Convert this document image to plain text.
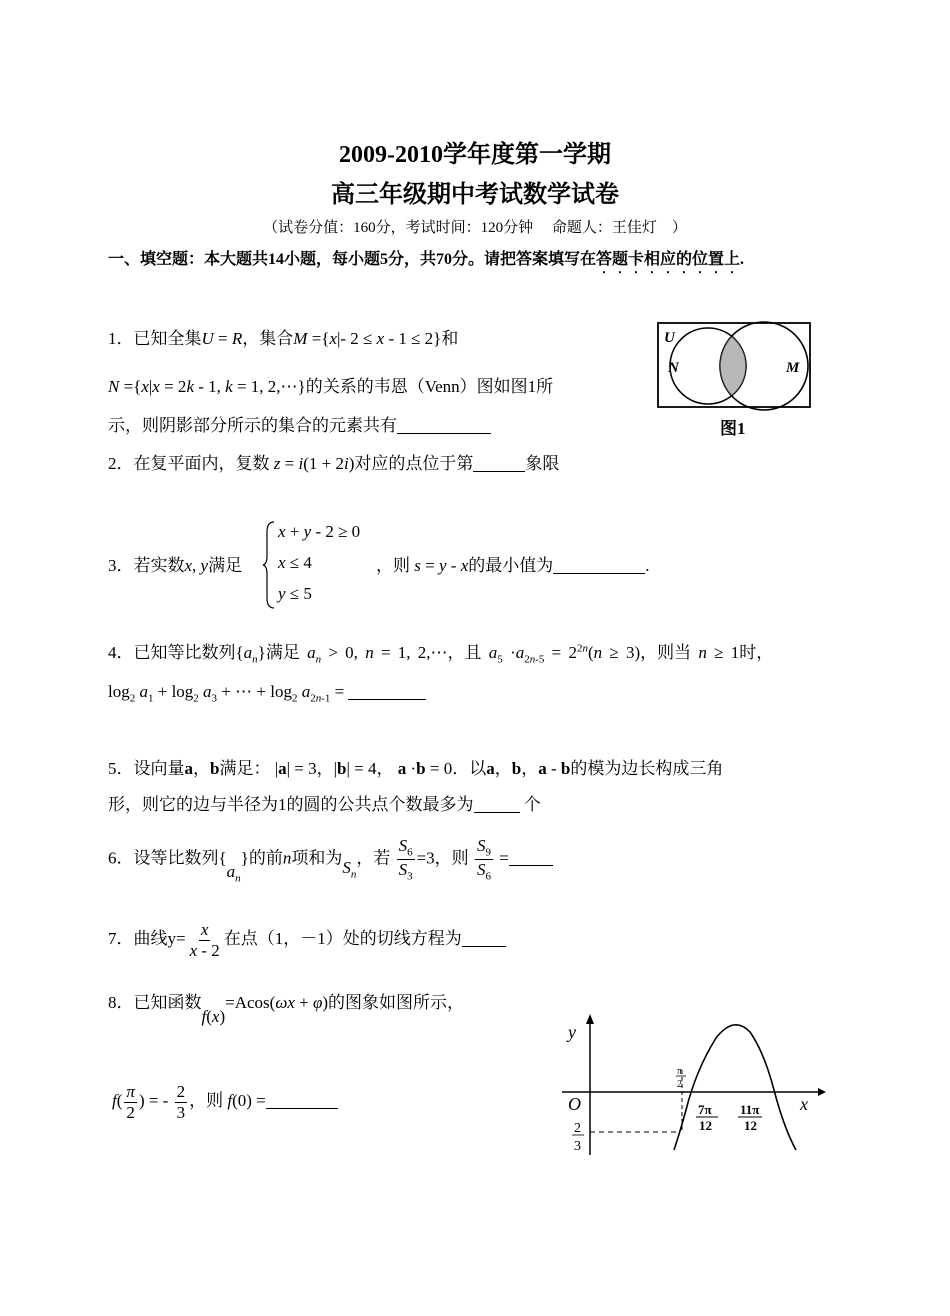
2009-2010学年度第一学期
高三年级期中考试数学试卷
（试卷分值：160分，考试时间：120分钟　 命题人：王佳灯　）
一、填空题：本大题共14小题，每小题5分，共70分。请把答案填写在答题卡相应的位置上.
1．已知全集U = R，集合M ={x|- 2 ≤ x - 1 ≤ 2}和
N ={x|x = 2k - 1, k = 1, 2,⋯}的关系的韦恩（Venn）图如图1所
示，则阴影部分所示的集合的元素共有
U
N	M
图1
2．在复平面内，复数 z = i(1 + 2i)对应的点位于第	象限
3．若实数x, y满足
x + y - 2 ≥ 0
x ≤ 4
y ≤ 5
，则 s = y - x的最小值为	.
4．已知等比数列$\{a_n\}$满足 $a_n > 0$, n = 1, 2,⋯，且 $a_5 \cdot a_{2n-5} = 2^{2n}(n \ge 3)$，则当 n ≥ 1时，
$\log_2 a_1 + \log_2 a_3$ + ⋯ + $\log_2 a_{2n-1}$ =
5．设向量a，b满足： |a| = 3，|b| = 4， a ·b = 0．以a，b，a - b的模为边长构成三角
形，则它的边与半径为1的圆的公共点个数最多为	个
6．设等比数列$\{a_n\}$的前n项和为$S_n$，若 $\frac{S_6}{S_3} =3$，则 $\frac{S_9}{S_6}$ =
7．曲线$y= \frac{x}{x - 2}$ 在点（1，－1）处的切线方程为
8．已知函数f(x)=Acos(ωx + φ)的图象如图所示，
$f( \frac{\pi}{2}$ ) = - $\frac{2}{3}$ ，则 f(0) =
y
x
O
π
2
7π
12
11π
12
2
3
